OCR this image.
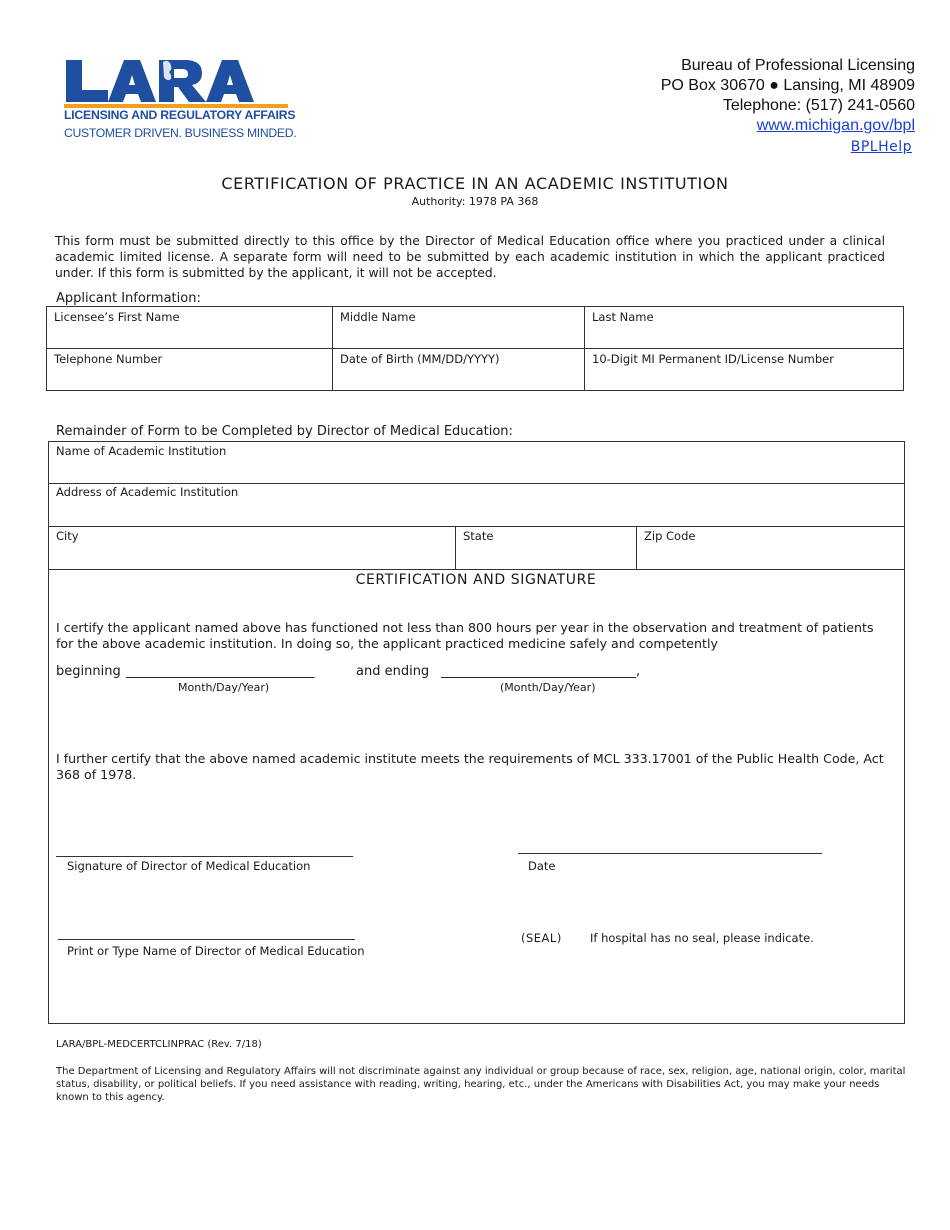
LICENSING AND REGULATORY AFFAIRS
CUSTOMER DRIVEN. BUSINESS MINDED.
Bureau of Professional Licensing
PO Box 30670 ● Lansing, MI 48909
Telephone: (517) 241-0560
www.michigan.gov/bpl
BPLHelp
CERTIFICATION OF PRACTICE IN AN ACADEMIC INSTITUTION
Authority: 1978 PA 368
This form must be submitted directly to this office by the Director of Medical Education office where you practiced under a clinical academic limited license. A separate form will need to be submitted by each academic institution in which the applicant practiced under. If this form is submitted by the applicant, it will not be accepted.
Applicant Information:
Licensee’s First Name	Middle Name	Last Name
Telephone Number	Date of Birth (MM/DD/YYYY)	10-Digit MI Permanent ID/License Number
Remainder of Form to be Completed by Director of Medical Education:
Name of Academic Institution
Address of Academic Institution
City	State	Zip Code
CERTIFICATION AND SIGNATURE
I certify the applicant named above has functioned not less than 800 hours per year in the observation and treatment of patients for the above academic institution. In doing so, the applicant practiced medicine safely and competently
beginning _____________________________	and ending ______________________________,
Month/Day/Year)	(Month/Day/Year)
I further certify that the above named academic institute meets the requirements of MCL 333.17001 of the Public Health Code, Act 368 of 1978.
Signature of Director of Medical Education	Date
Print or Type Name of Director of Medical Education
(SEAL) If hospital has no seal, please indicate.
LARA/BPL-MEDCERTCLINPRAC (Rev. 7/18)
The Department of Licensing and Regulatory Affairs will not discriminate against any individual or group because of race, sex, religion, age, national origin, color, marital status, disability, or political beliefs. If you need assistance with reading, writing, hearing, etc., under the Americans with Disabilities Act, you may make your needs known to this agency.
